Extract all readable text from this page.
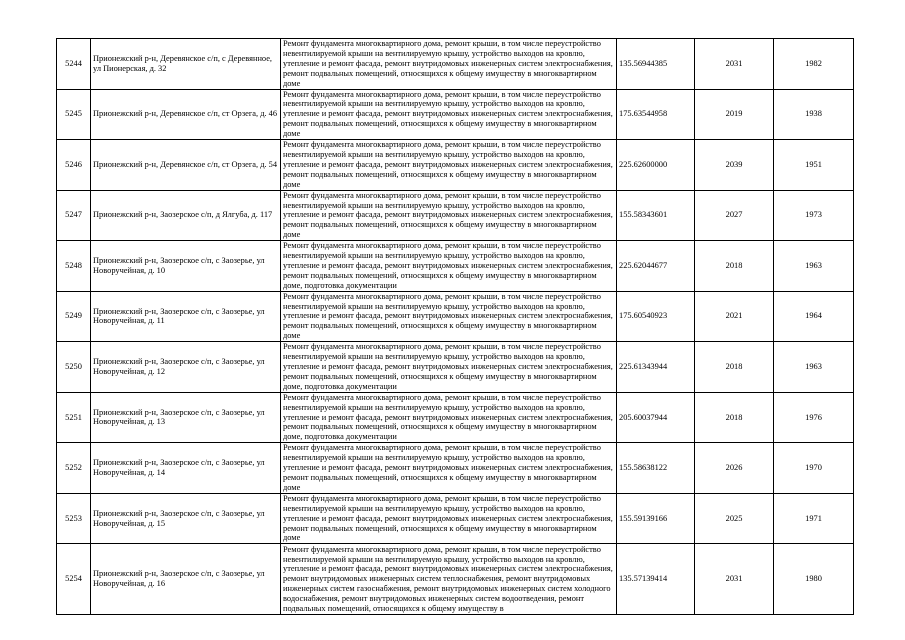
5244	Прионежский р-н, Деревянское с/п, с Деревянное, ул Пионерская, д. 32	Ремонт фундамента многоквартирного дома, ремонт крыши, в том числе переустройство невентилируемой крыши на вентилируемую крышу, устройство выходов на кровлю, утепление и ремонт фасада, ремонт внутридомовых инженерных систем электроснабжения, ремонт подвальных помещений, относящихся к общему имуществу в многоквартирном доме	135.56944385	2031	1982
5245	Прионежский р-н, Деревянское с/п, ст Орзега, д. 46	Ремонт фундамента многоквартирного дома, ремонт крыши, в том числе переустройство невентилируемой крыши на вентилируемую крышу, устройство выходов на кровлю, утепление и ремонт фасада, ремонт внутридомовых инженерных систем электроснабжения, ремонт подвальных помещений, относящихся к общему имуществу в многоквартирном доме	175.63544958	2019	1938
5246	Прионежский р-н, Деревянское с/п, ст Орзега, д. 54	Ремонт фундамента многоквартирного дома, ремонт крыши, в том числе переустройство невентилируемой крыши на вентилируемую крышу, устройство выходов на кровлю, утепление и ремонт фасада, ремонт внутридомовых инженерных систем электроснабжения, ремонт подвальных помещений, относящихся к общему имуществу в многоквартирном доме	225.62600000	2039	1951
5247	Прионежский р-н, Заозерское с/п, д Ялгуба, д. 117	Ремонт фундамента многоквартирного дома, ремонт крыши, в том числе переустройство невентилируемой крыши на вентилируемую крышу, устройство выходов на кровлю, утепление и ремонт фасада, ремонт внутридомовых инженерных систем электроснабжения, ремонт подвальных помещений, относящихся к общему имуществу в многоквартирном доме	155.58343601	2027	1973
5248	Прионежский р-н, Заозерское с/п, с Заозерье, ул Новоручейная, д. 10	Ремонт фундамента многоквартирного дома, ремонт крыши, в том числе переустройство невентилируемой крыши на вентилируемую крышу, устройство выходов на кровлю, утепление и ремонт фасада, ремонт внутридомовых инженерных систем электроснабжения, ремонт подвальных помещений, относящихся к общему имуществу в многоквартирном доме, подготовка документации	225.62044677	2018	1963
5249	Прионежский р-н, Заозерское с/п, с Заозерье, ул Новоручейная, д. 11	Ремонт фундамента многоквартирного дома, ремонт крыши, в том числе переустройство невентилируемой крыши на вентилируемую крышу, устройство выходов на кровлю, утепление и ремонт фасада, ремонт внутридомовых инженерных систем электроснабжения, ремонт подвальных помещений, относящихся к общему имуществу в многоквартирном доме	175.60540923	2021	1964
5250	Прионежский р-н, Заозерское с/п, с Заозерье, ул Новоручейная, д. 12	Ремонт фундамента многоквартирного дома, ремонт крыши, в том числе переустройство невентилируемой крыши на вентилируемую крышу, устройство выходов на кровлю, утепление и ремонт фасада, ремонт внутридомовых инженерных систем электроснабжения, ремонт подвальных помещений, относящихся к общему имуществу в многоквартирном доме, подготовка документации	225.61343944	2018	1963
5251	Прионежский р-н, Заозерское с/п, с Заозерье, ул Новоручейная, д. 13	Ремонт фундамента многоквартирного дома, ремонт крыши, в том числе переустройство невентилируемой крыши на вентилируемую крышу, устройство выходов на кровлю, утепление и ремонт фасада, ремонт внутридомовых инженерных систем электроснабжения, ремонт подвальных помещений, относящихся к общему имуществу в многоквартирном доме, подготовка документации	205.60037944	2018	1976
5252	Прионежский р-н, Заозерское с/п, с Заозерье, ул Новоручейная, д. 14	Ремонт фундамента многоквартирного дома, ремонт крыши, в том числе переустройство невентилируемой крыши на вентилируемую крышу, устройство выходов на кровлю, утепление и ремонт фасада, ремонт внутридомовых инженерных систем электроснабжения, ремонт подвальных помещений, относящихся к общему имуществу в многоквартирном доме	155.58638122	2026	1970
5253	Прионежский р-н, Заозерское с/п, с Заозерье, ул Новоручейная, д. 15	Ремонт фундамента многоквартирного дома, ремонт крыши, в том числе переустройство невентилируемой крыши на вентилируемую крышу, устройство выходов на кровлю, утепление и ремонт фасада, ремонт внутридомовых инженерных систем электроснабжения, ремонт подвальных помещений, относящихся к общему имуществу в многоквартирном доме	155.59139166	2025	1971
5254	Прионежский р-н, Заозерское с/п, с Заозерье, ул Новоручейная, д. 16	Ремонт фундамента многоквартирного дома, ремонт крыши, в том числе переустройство невентилируемой крыши на вентилируемую крышу, устройство выходов на кровлю, утепление и ремонт фасада, ремонт внутридомовых инженерных систем электроснабжения, ремонт внутридомовых инженерных систем теплоснабжения, ремонт внутридомовых инженерных систем газоснабжения, ремонт внутридомовых инженерных систем холодного водоснабжения, ремонт внутридомовых инженерных систем водоотведения, ремонт подвальных помещений, относящихся к общему имуществу в	135.57139414	2031	1980
